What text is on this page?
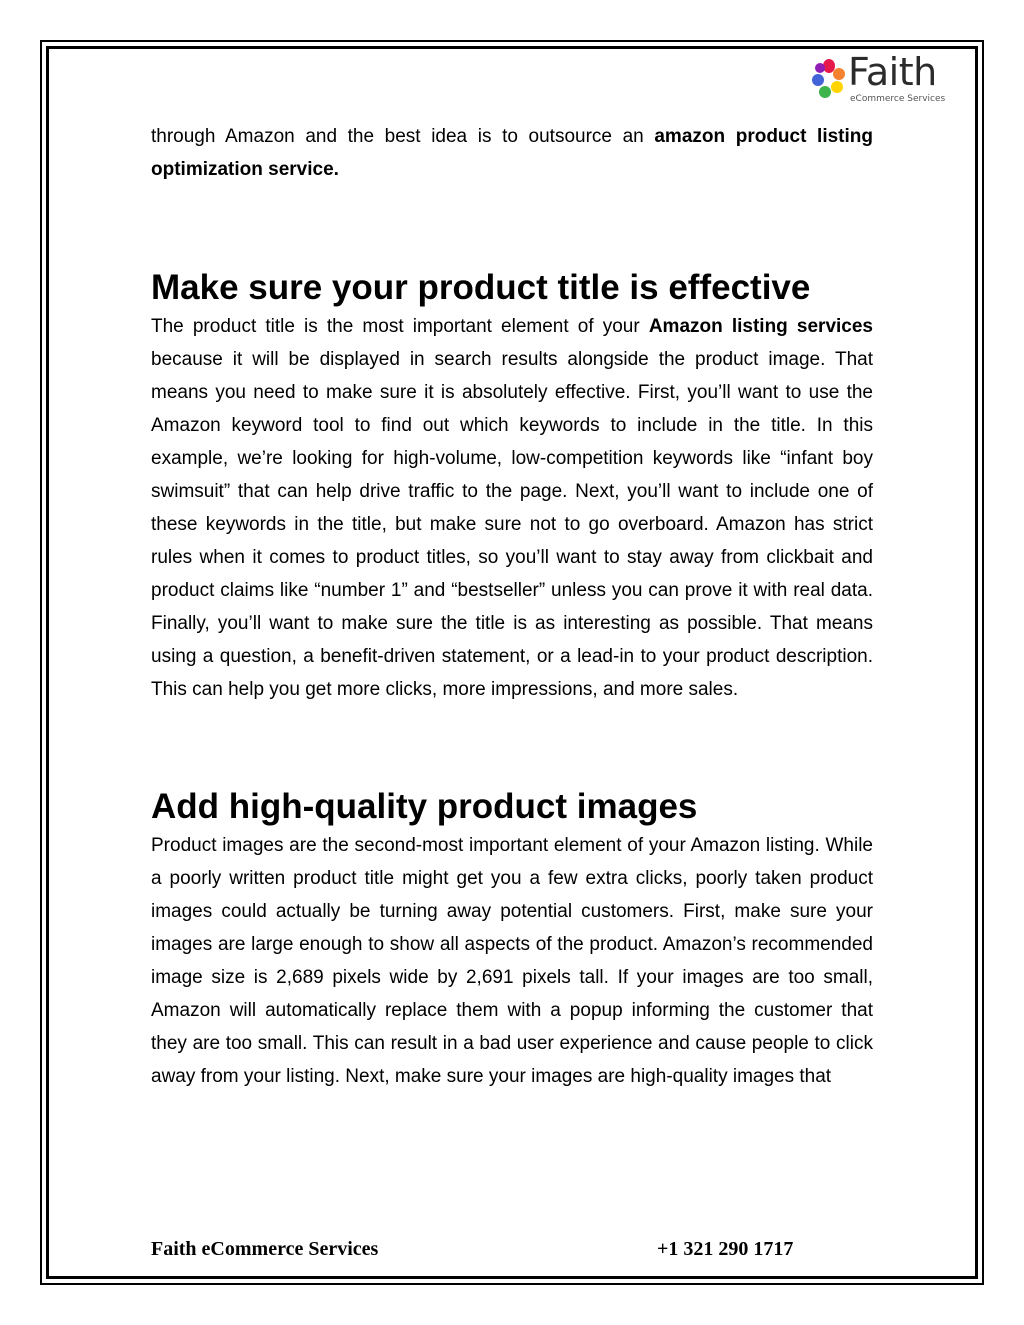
Faith
eCommerce Services

through Amazon and the best idea is to outsource an amazon product listing optimization service.

Make sure your product title is effective

The product title is the most important element of your Amazon listing services because it will be displayed in search results alongside the product image. That means you need to make sure it is absolutely effective. First, you’ll want to use the Amazon keyword tool to find out which keywords to include in the title. In this example, we’re looking for high-volume, low-competition keywords like “infant boy swimsuit” that can help drive traffic to the page. Next, you’ll want to include one of these keywords in the title, but make sure not to go overboard. Amazon has strict rules when it comes to product titles, so you’ll want to stay away from clickbait and product claims like “number 1” and “bestseller” unless you can prove it with real data. Finally, you’ll want to make sure the title is as interesting as possible. That means using a question, a benefit-driven statement, or a lead-in to your product description. This can help you get more clicks, more impressions, and more sales.

Add high-quality product images

Product images are the second-most important element of your Amazon listing. While a poorly written product title might get you a few extra clicks, poorly taken product images could actually be turning away potential customers. First, make sure your images are large enough to show all aspects of the product. Amazon’s recommended image size is 2,689 pixels wide by 2,691 pixels tall. If your images are too small, Amazon will automatically replace them with a popup informing the customer that they are too small. This can result in a bad user experience and cause people to click away from your listing. Next, make sure your images are high-quality images that

Faith eCommerce Services	+1 321 290 1717
